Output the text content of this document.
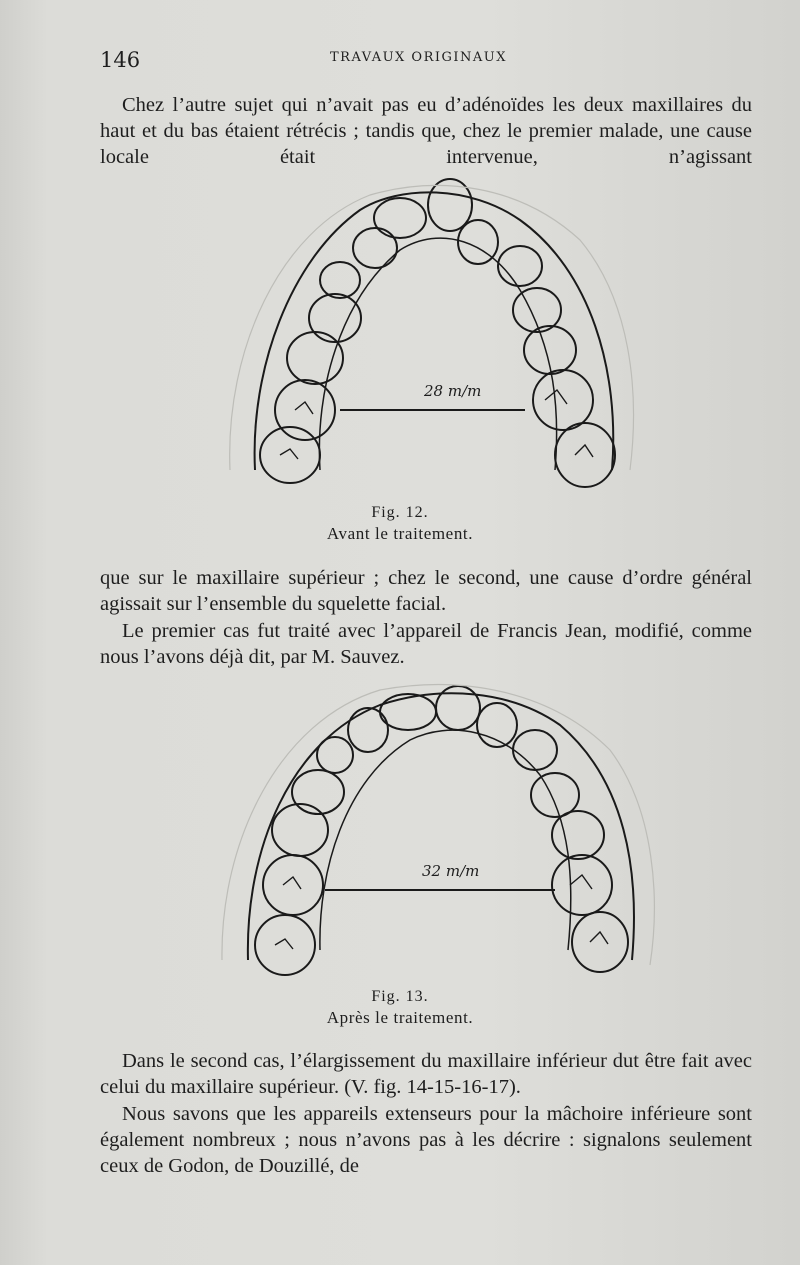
146	TRAVAUX ORIGINAUX

Chez l’autre sujet qui n’avait pas eu d’adénoïdes les deux maxillaires du haut et du bas étaient rétrécis ; tandis que, chez le premier malade, une cause locale était intervenue, n’agissant

28 m/m
Fig. 12.
Avant le traitement.

que sur le maxillaire supérieur ; chez le second, une cause d’ordre général agissait sur l’ensemble du squelette facial.

Le premier cas fut traité avec l’appareil de Francis Jean, modifié, comme nous l’avons déjà dit, par M. Sauvez.

32 m/m
Fig. 13.
Après le traitement.

Dans le second cas, l’élargissement du maxillaire inférieur dut être fait avec celui du maxillaire supérieur. (V. fig. 14-15-16-17).

Nous savons que les appareils extenseurs pour la mâchoire inférieure sont également nombreux ; nous n’avons pas à les décrire : signalons seulement ceux de Godon, de Douzillé, de
